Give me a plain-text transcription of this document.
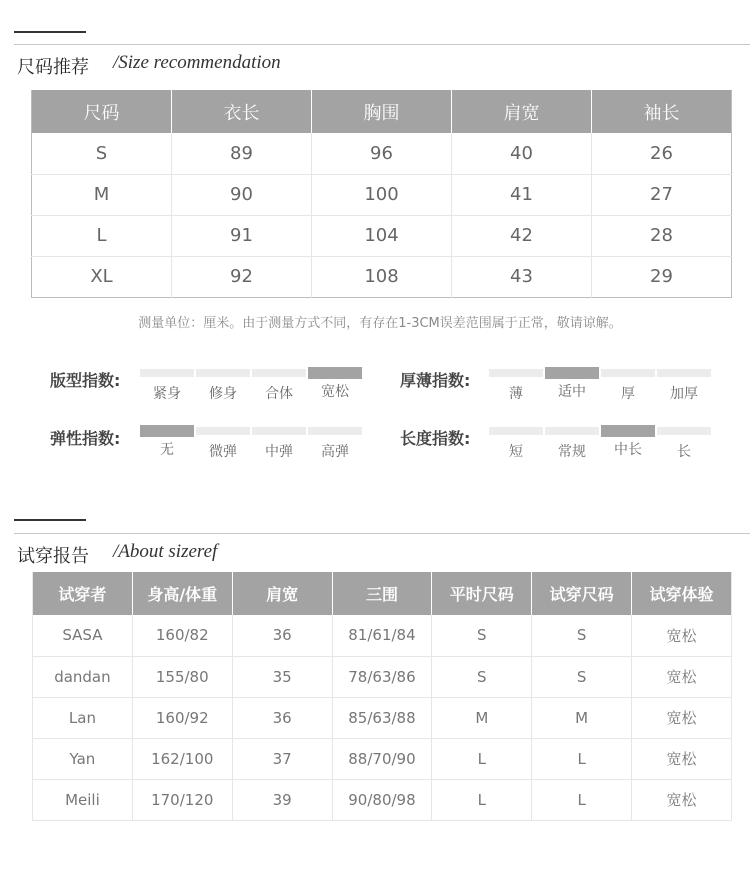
尺码推荐 /Size recommendation
尺码	衣长	胸围	肩宽	袖长
S	89	96	40	26
M	90	100	41	27
L	91	104	42	28
XL	92	108	43	29
测量单位：厘米。由于测量方式不同，有存在1-3CM误差范围属于正常，敬请谅解。
版型指数:
紧身	修身	合体	宽松
厚薄指数:
薄	适中	厚	加厚
弹性指数:
无	微弹	中弹	高弹
长度指数:
短	常规	中长	长
试穿报告 /About sizeref
试穿者	身高/体重	肩宽	三围	平时尺码	试穿尺码	试穿体验
SASA	160/82	36	81/61/84	S	S	宽松
dandan	155/80	35	78/63/86	S	S	宽松
Lan	160/92	36	85/63/88	M	M	宽松
Yan	162/100	37	88/70/90	L	L	宽松
Meili	170/120	39	90/80/98	L	L	宽松
